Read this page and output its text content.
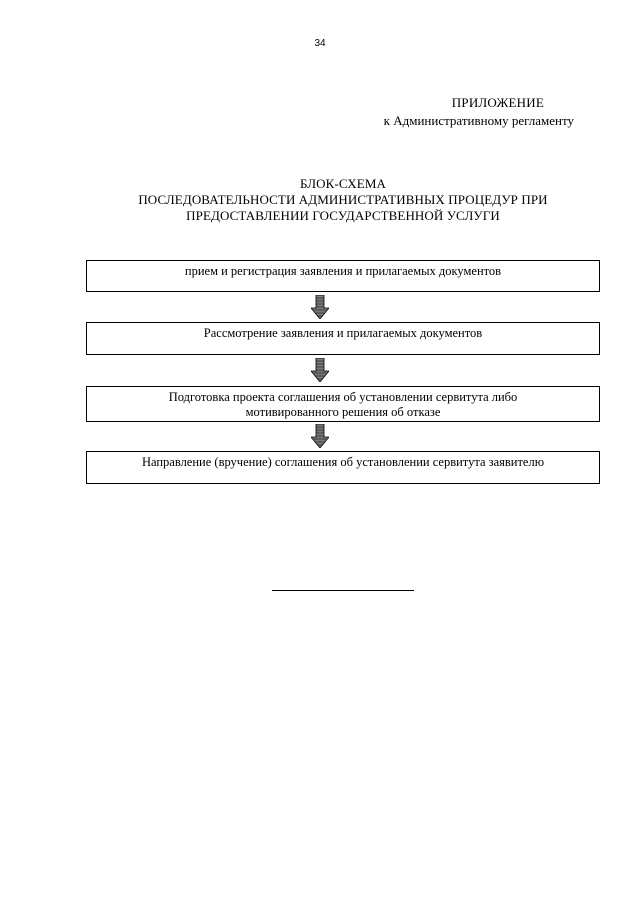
34
ПРИЛОЖЕНИЕ
к Административному регламенту
БЛОК-СХЕМА
ПОСЛЕДОВАТЕЛЬНОСТИ АДМИНИСТРАТИВНЫХ ПРОЦЕДУР ПРИ
ПРЕДОСТАВЛЕНИИ ГОСУДАРСТВЕННОЙ УСЛУГИ
прием и регистрация заявления и прилагаемых документов
Рассмотрение заявления и прилагаемых документов
Подготовка проекта соглашения об установлении сервитута либо
мотивированного решения об отказе
Направление (вручение) соглашения об установлении сервитута заявителю
